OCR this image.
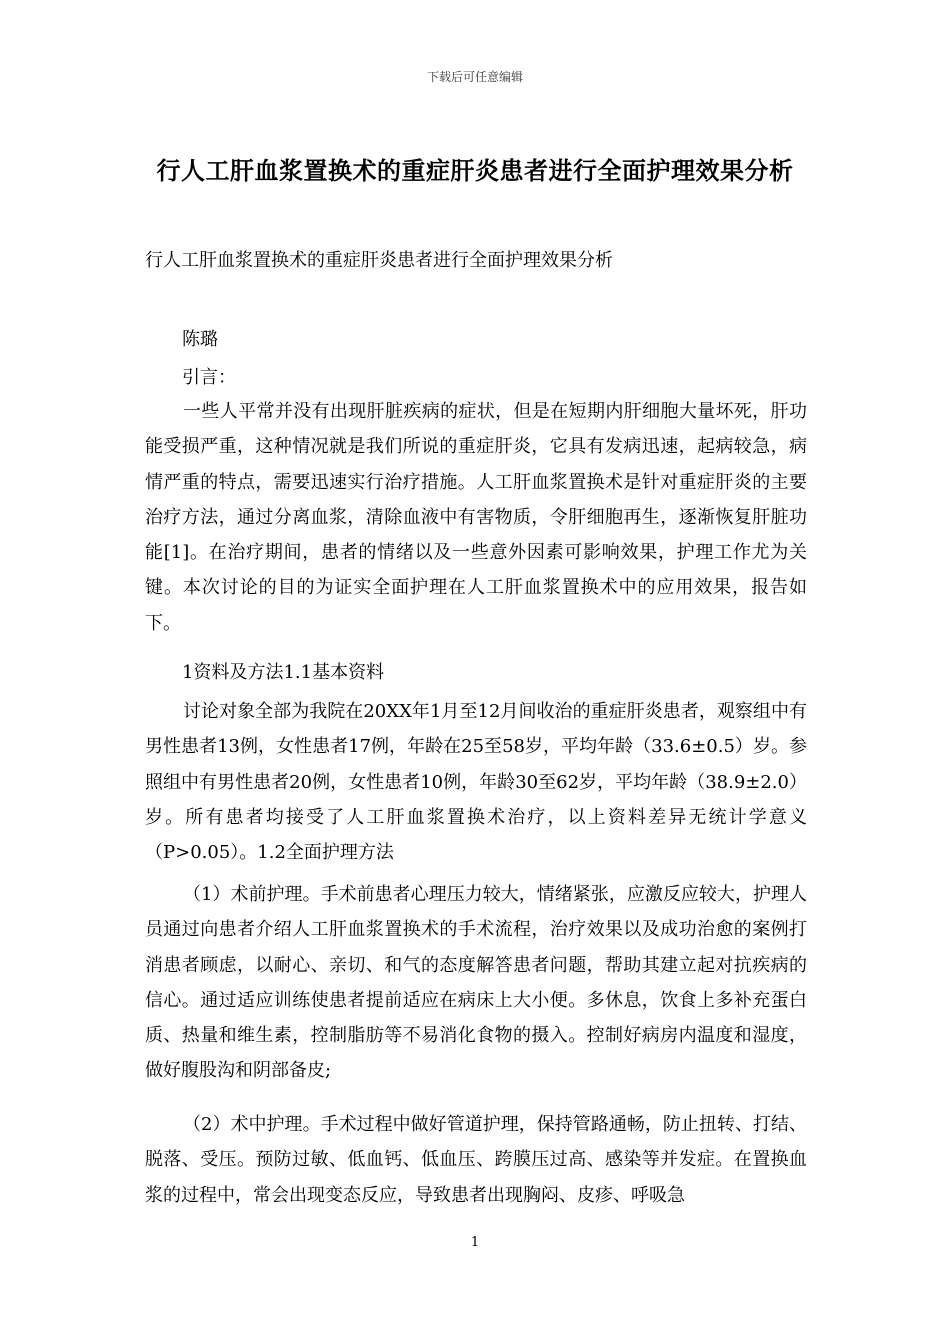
下载后可任意编辑
行人工肝血浆置换术的重症肝炎患者进行全面护理效果分析
行人工肝血浆置换术的重症肝炎患者进行全面护理效果分析
陈璐
引言：
一些人平常并没有出现肝脏疾病的症状，但是在短期内肝细胞大量坏死，肝功能受损严重，这种情况就是我们所说的重症肝炎，它具有发病迅速，起病较急，病情严重的特点，需要迅速实行治疗措施。人工肝血浆置换术是针对重症肝炎的主要治疗方法，通过分离血浆，清除血液中有害物质，令肝细胞再生，逐渐恢复肝脏功能[1]。在治疗期间，患者的情绪以及一些意外因素可影响效果，护理工作尤为关键。本次讨论的目的为证实全面护理在人工肝血浆置换术中的应用效果，报告如下。
1资料及方法1.1基本资料
讨论对象全部为我院在20XX年1月至12月间收治的重症肝炎患者，观察组中有男性患者13例，女性患者17例，年龄在25至58岁，平均年龄（33.6±0.5）岁。参照组中有男性患者20例，女性患者10例，年龄30至62岁，平均年龄（38.9±2.0）岁。所有患者均接受了人工肝血浆置换术治疗，以上资料差异无统计学意义（P>0.05）。1.2全面护理方法
（1）术前护理。手术前患者心理压力较大，情绪紧张，应激反应较大，护理人员通过向患者介绍人工肝血浆置换术的手术流程，治疗效果以及成功治愈的案例打消患者顾虑，以耐心、亲切、和气的态度解答患者问题，帮助其建立起对抗疾病的信心。通过适应训练使患者提前适应在病床上大小便。多休息，饮食上多补充蛋白质、热量和维生素，控制脂肪等不易消化食物的摄入。控制好病房内温度和湿度，做好腹股沟和阴部备皮;
（2）术中护理。手术过程中做好管道护理，保持管路通畅，防止扭转、打结、脱落、受压。预防过敏、低血钙、低血压、跨膜压过高、感染等并发症。在置换血浆的过程中，常会出现变态反应，导致患者出现胸闷、皮疹、呼吸急
1
